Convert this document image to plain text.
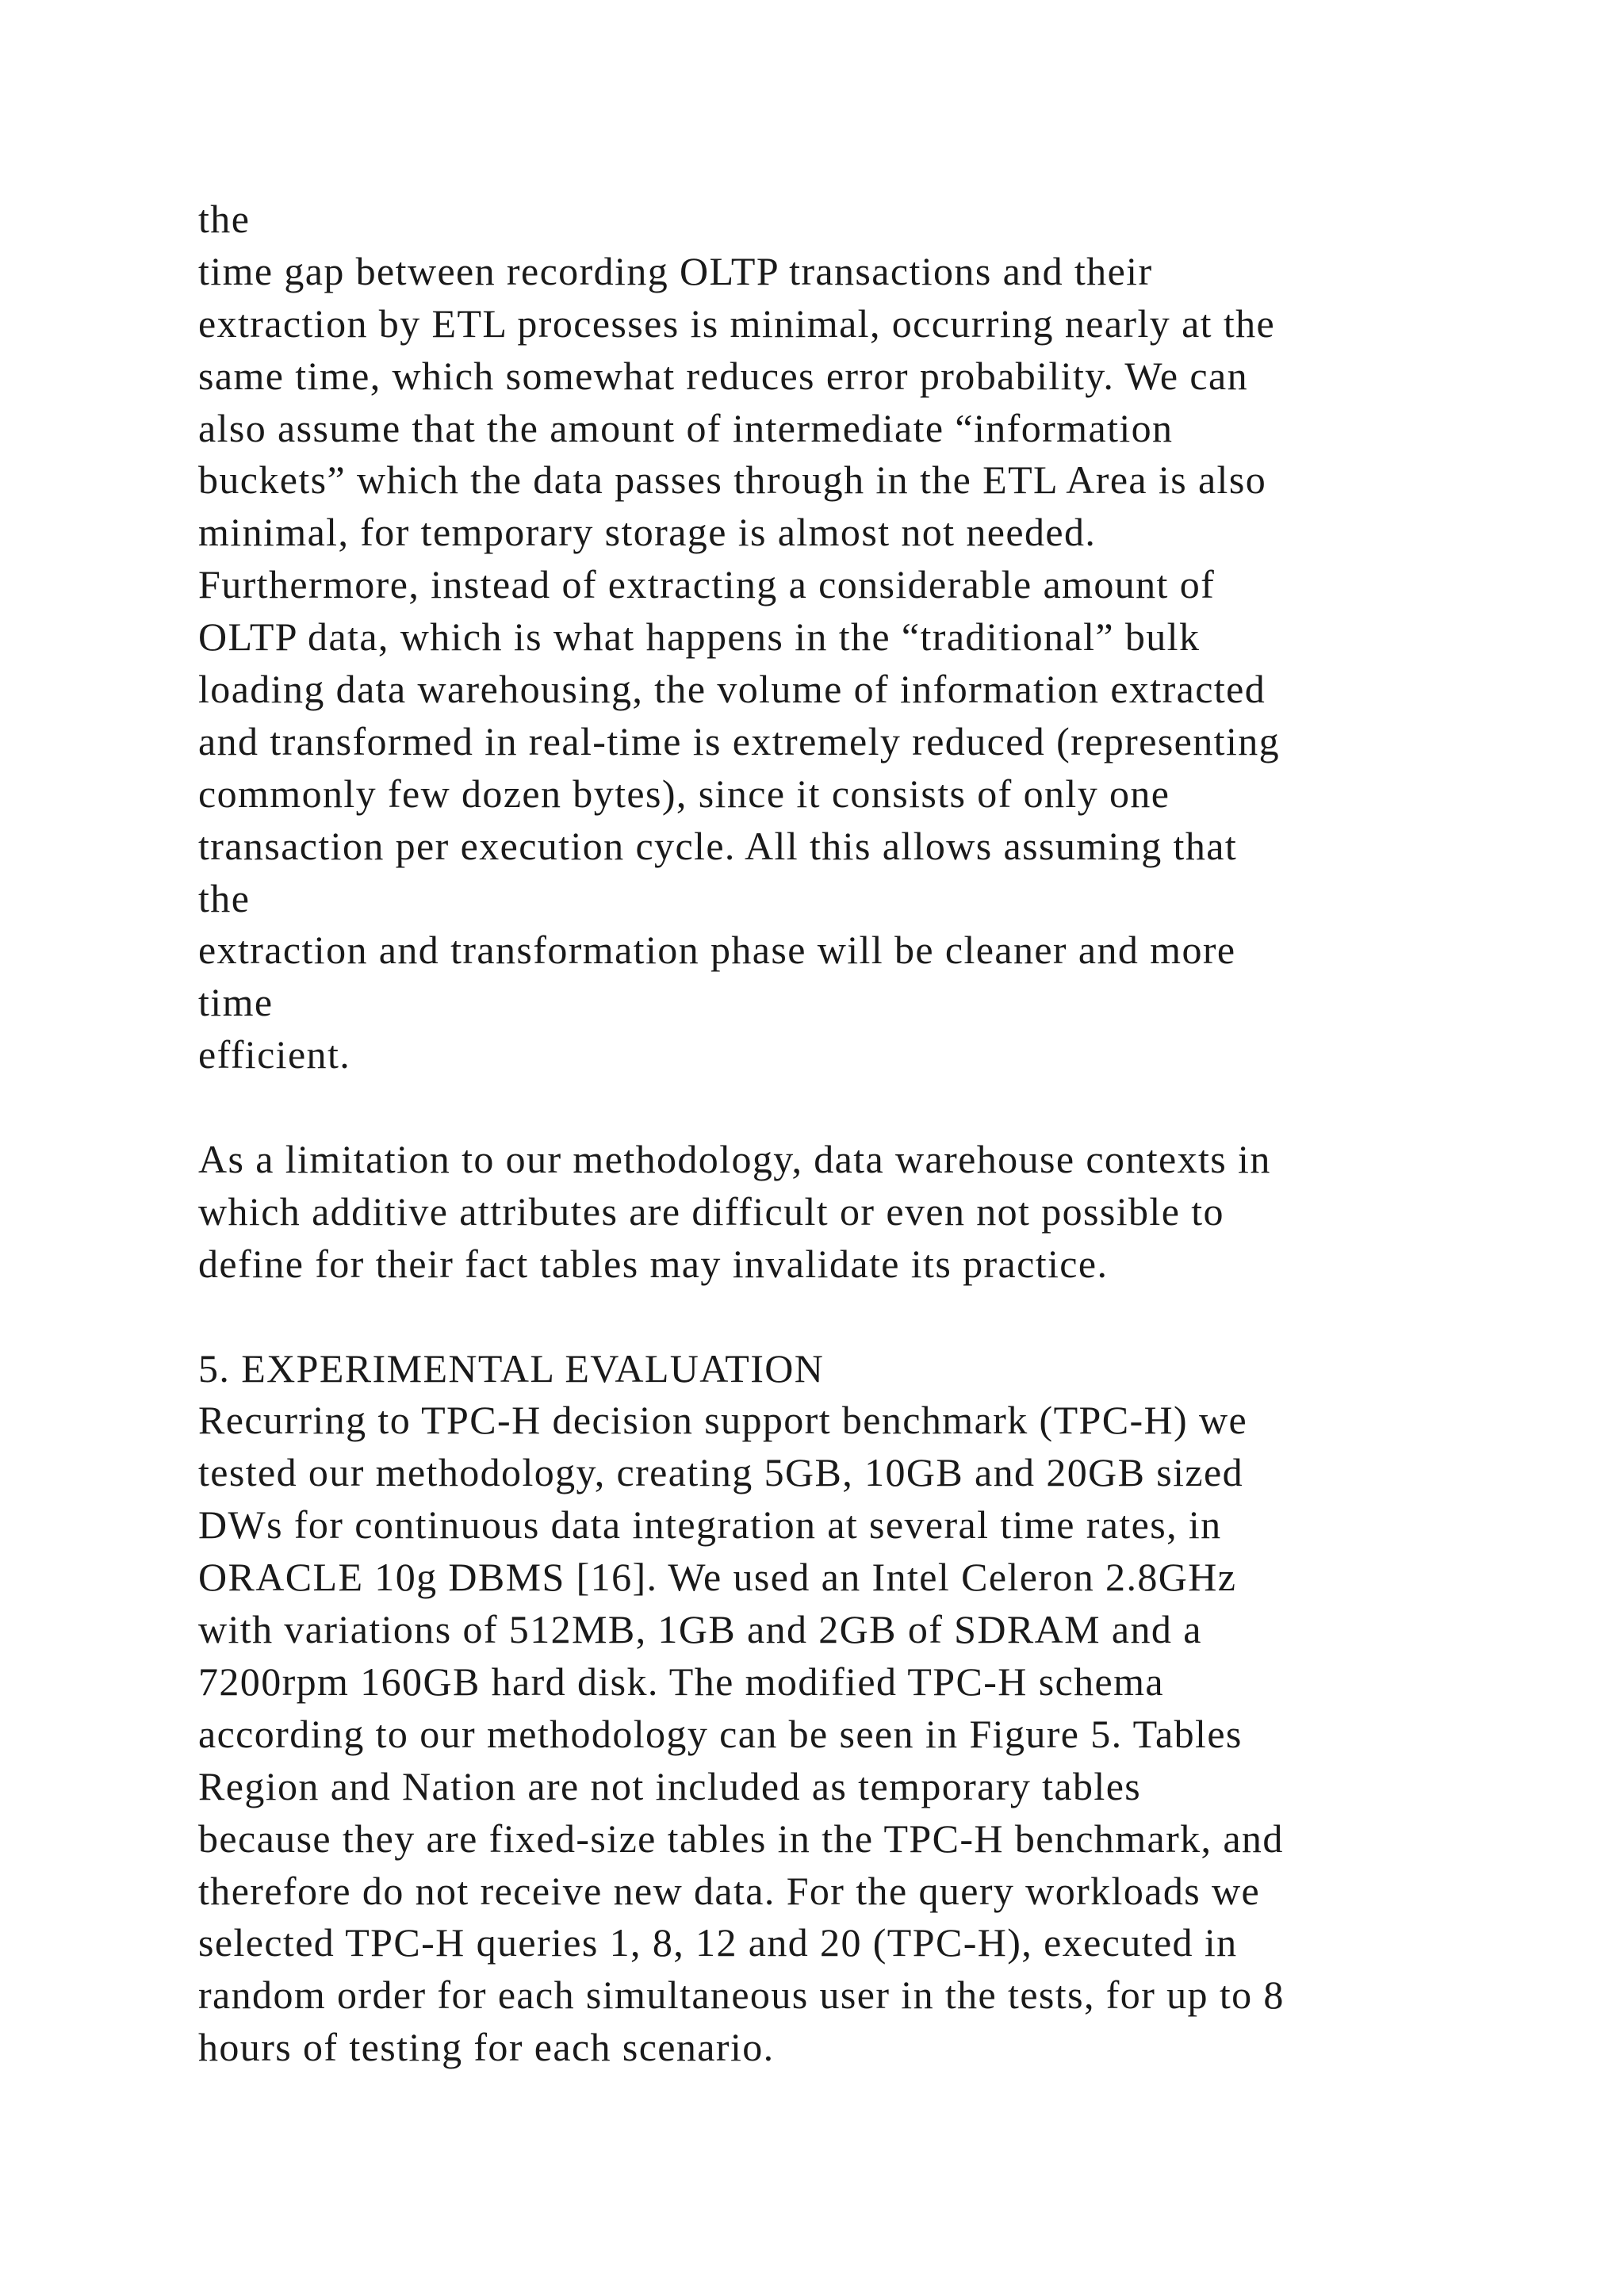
the
time gap between recording OLTP transactions and their
extraction by ETL processes is minimal, occurring nearly at the
same time, which somewhat reduces error probability. We can
also assume that the amount of intermediate “information
buckets” which the data passes through in the ETL Area is also
minimal, for temporary storage is almost not needed.
Furthermore, instead of extracting a considerable amount of
OLTP data, which is what happens in the “traditional” bulk
loading data warehousing, the volume of information extracted
and transformed in real-time is extremely reduced (representing
commonly few dozen bytes), since it consists of only one
transaction per execution cycle. All this allows assuming that
the
extraction and transformation phase will be cleaner and more
time
efficient.
As a limitation to our methodology, data warehouse contexts in
which additive attributes are difficult or even not possible to
define for their fact tables may invalidate its practice.
5. EXPERIMENTAL EVALUATION
Recurring to TPC-H decision support benchmark (TPC-H) we
tested our methodology, creating 5GB, 10GB and 20GB sized
DWs for continuous data integration at several time rates, in
ORACLE 10g DBMS [16]. We used an Intel Celeron 2.8GHz
with variations of 512MB, 1GB and 2GB of SDRAM and a
7200rpm 160GB hard disk. The modified TPC-H schema
according to our methodology can be seen in Figure 5. Tables
Region and Nation are not included as temporary tables
because they are fixed-size tables in the TPC-H benchmark, and
therefore do not receive new data. For the query workloads we
selected TPC-H queries 1, 8, 12 and 20 (TPC-H), executed in
random order for each simultaneous user in the tests, for up to 8
hours of testing for each scenario.
